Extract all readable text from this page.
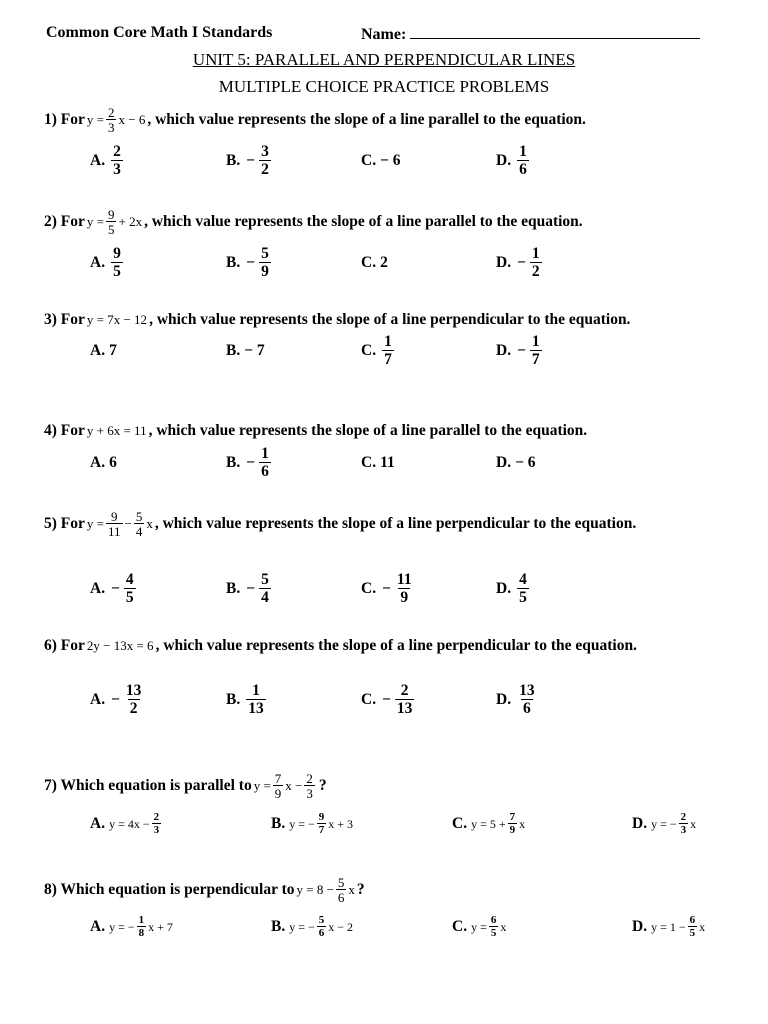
Common Core Math I Standards	Name:
UNIT 5: PARALLEL AND PERPENDICULAR LINES
MULTIPLE CHOICE PRACTICE PROBLEMS
1) For $y = \frac{2}{3}$ x − 6 , which value represents the slope of a line parallel to the equation.
A. $\frac{2}{3}$	B. − $\frac{3}{2}$	C. − 6	D. $\frac{1}{6}$
2) For $y = \frac{9}{5} + 2x$ , which value represents the slope of a line parallel to the equation.
A. $\frac{9}{5}$	B. − $\frac{5}{9}$	C. 2	D. − $\frac{1}{2}$
3) For y = 7x − 12 , which value represents the slope of a line perpendicular to the equation.
A. 7	B. − 7	C. $\frac{1}{7}$	D. − $\frac{1}{7}$
4) For y + 6x = 11 , which value represents the slope of a line parallel to the equation.
A. 6	B. − $\frac{1}{6}$	C. 11	D. − 6
5) For $y = \frac{9}{11} - \frac{5}{4}$ x , which value represents the slope of a line perpendicular to the equation.
A. − $\frac{4}{5}$	B. − $\frac{5}{4}$	C. − $\frac{11}{9}$	D. $\frac{4}{5}$
6) For 2y − 13x = 6 , which value represents the slope of a line perpendicular to the equation.
A. − $\frac{13}{2}$	B. $\frac{1}{13}$	C. − $\frac{2}{13}$	D. $\frac{13}{6}$
7) Which equation is parallel to $y = \frac{7}{9}$ $x - \frac{2}{3}$ ?
A. $y = 4x - \frac{2}{3}$	B. y = − $\frac{9}{7}$ x + 3	C. $y = 5 + \frac{7}{9}$ x	D. y = − $\frac{2}{3}$ x
8) Which equation is perpendicular to $y = 8 - \frac{5}{6}$ x ?
A. y = − $\frac{1}{8}$ x + 7	B. y = − $\frac{5}{6}$ x − 2	C. $y = \frac{6}{5}$ x	D. $y = 1 - \frac{6}{5}$ x
